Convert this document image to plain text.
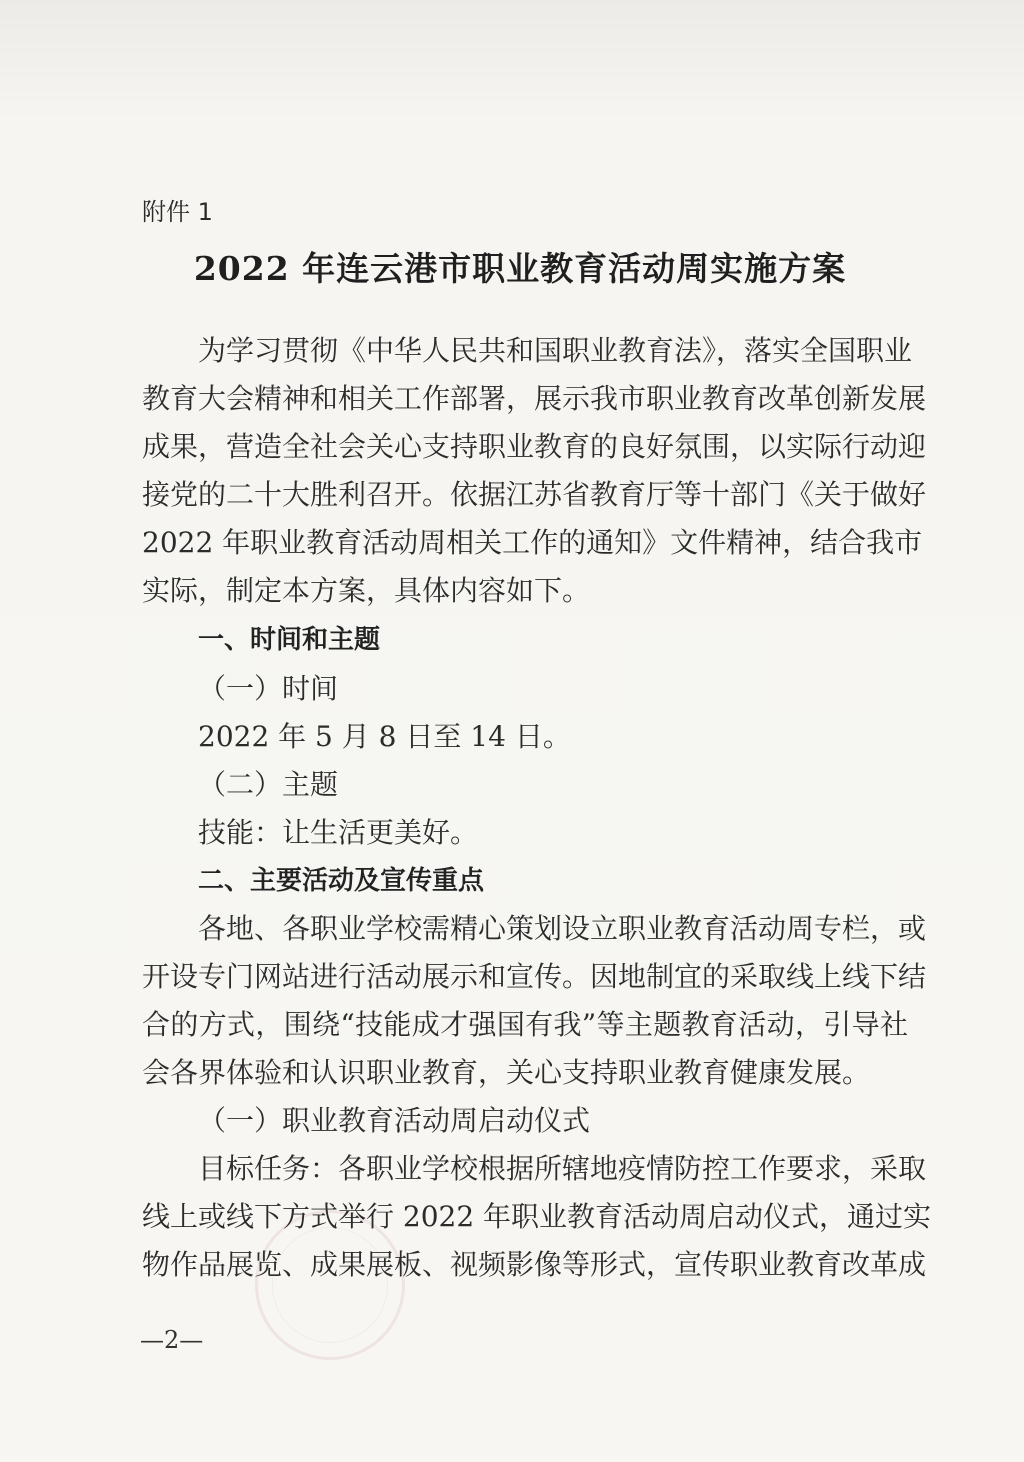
附件 1
2022 年连云港市职业教育活动周实施方案
为学习贯彻《中华人民共和国职业教育法》，落实全国职业
教育大会精神和相关工作部署，展示我市职业教育改革创新发展
成果，营造全社会关心支持职业教育的良好氛围，以实际行动迎
接党的二十大胜利召开。依据江苏省教育厅等十部门《关于做好
2022 年职业教育活动周相关工作的通知》文件精神，结合我市
实际，制定本方案，具体内容如下。
一、时间和主题
（一）时间
2022 年 5 月 8 日至 14 日。
（二）主题
技能：让生活更美好。
二、主要活动及宣传重点
各地、各职业学校需精心策划设立职业教育活动周专栏，或
开设专门网站进行活动展示和宣传。因地制宜的采取线上线下结
合的方式，围绕“技能成才强国有我”等主题教育活动，引导社
会各界体验和认识职业教育，关心支持职业教育健康发展。
（一）职业教育活动周启动仪式
目标任务：各职业学校根据所辖地疫情防控工作要求，采取
线上或线下方式举行 2022 年职业教育活动周启动仪式，通过实
物作品展览、成果展板、视频影像等形式，宣传职业教育改革成
—2—
